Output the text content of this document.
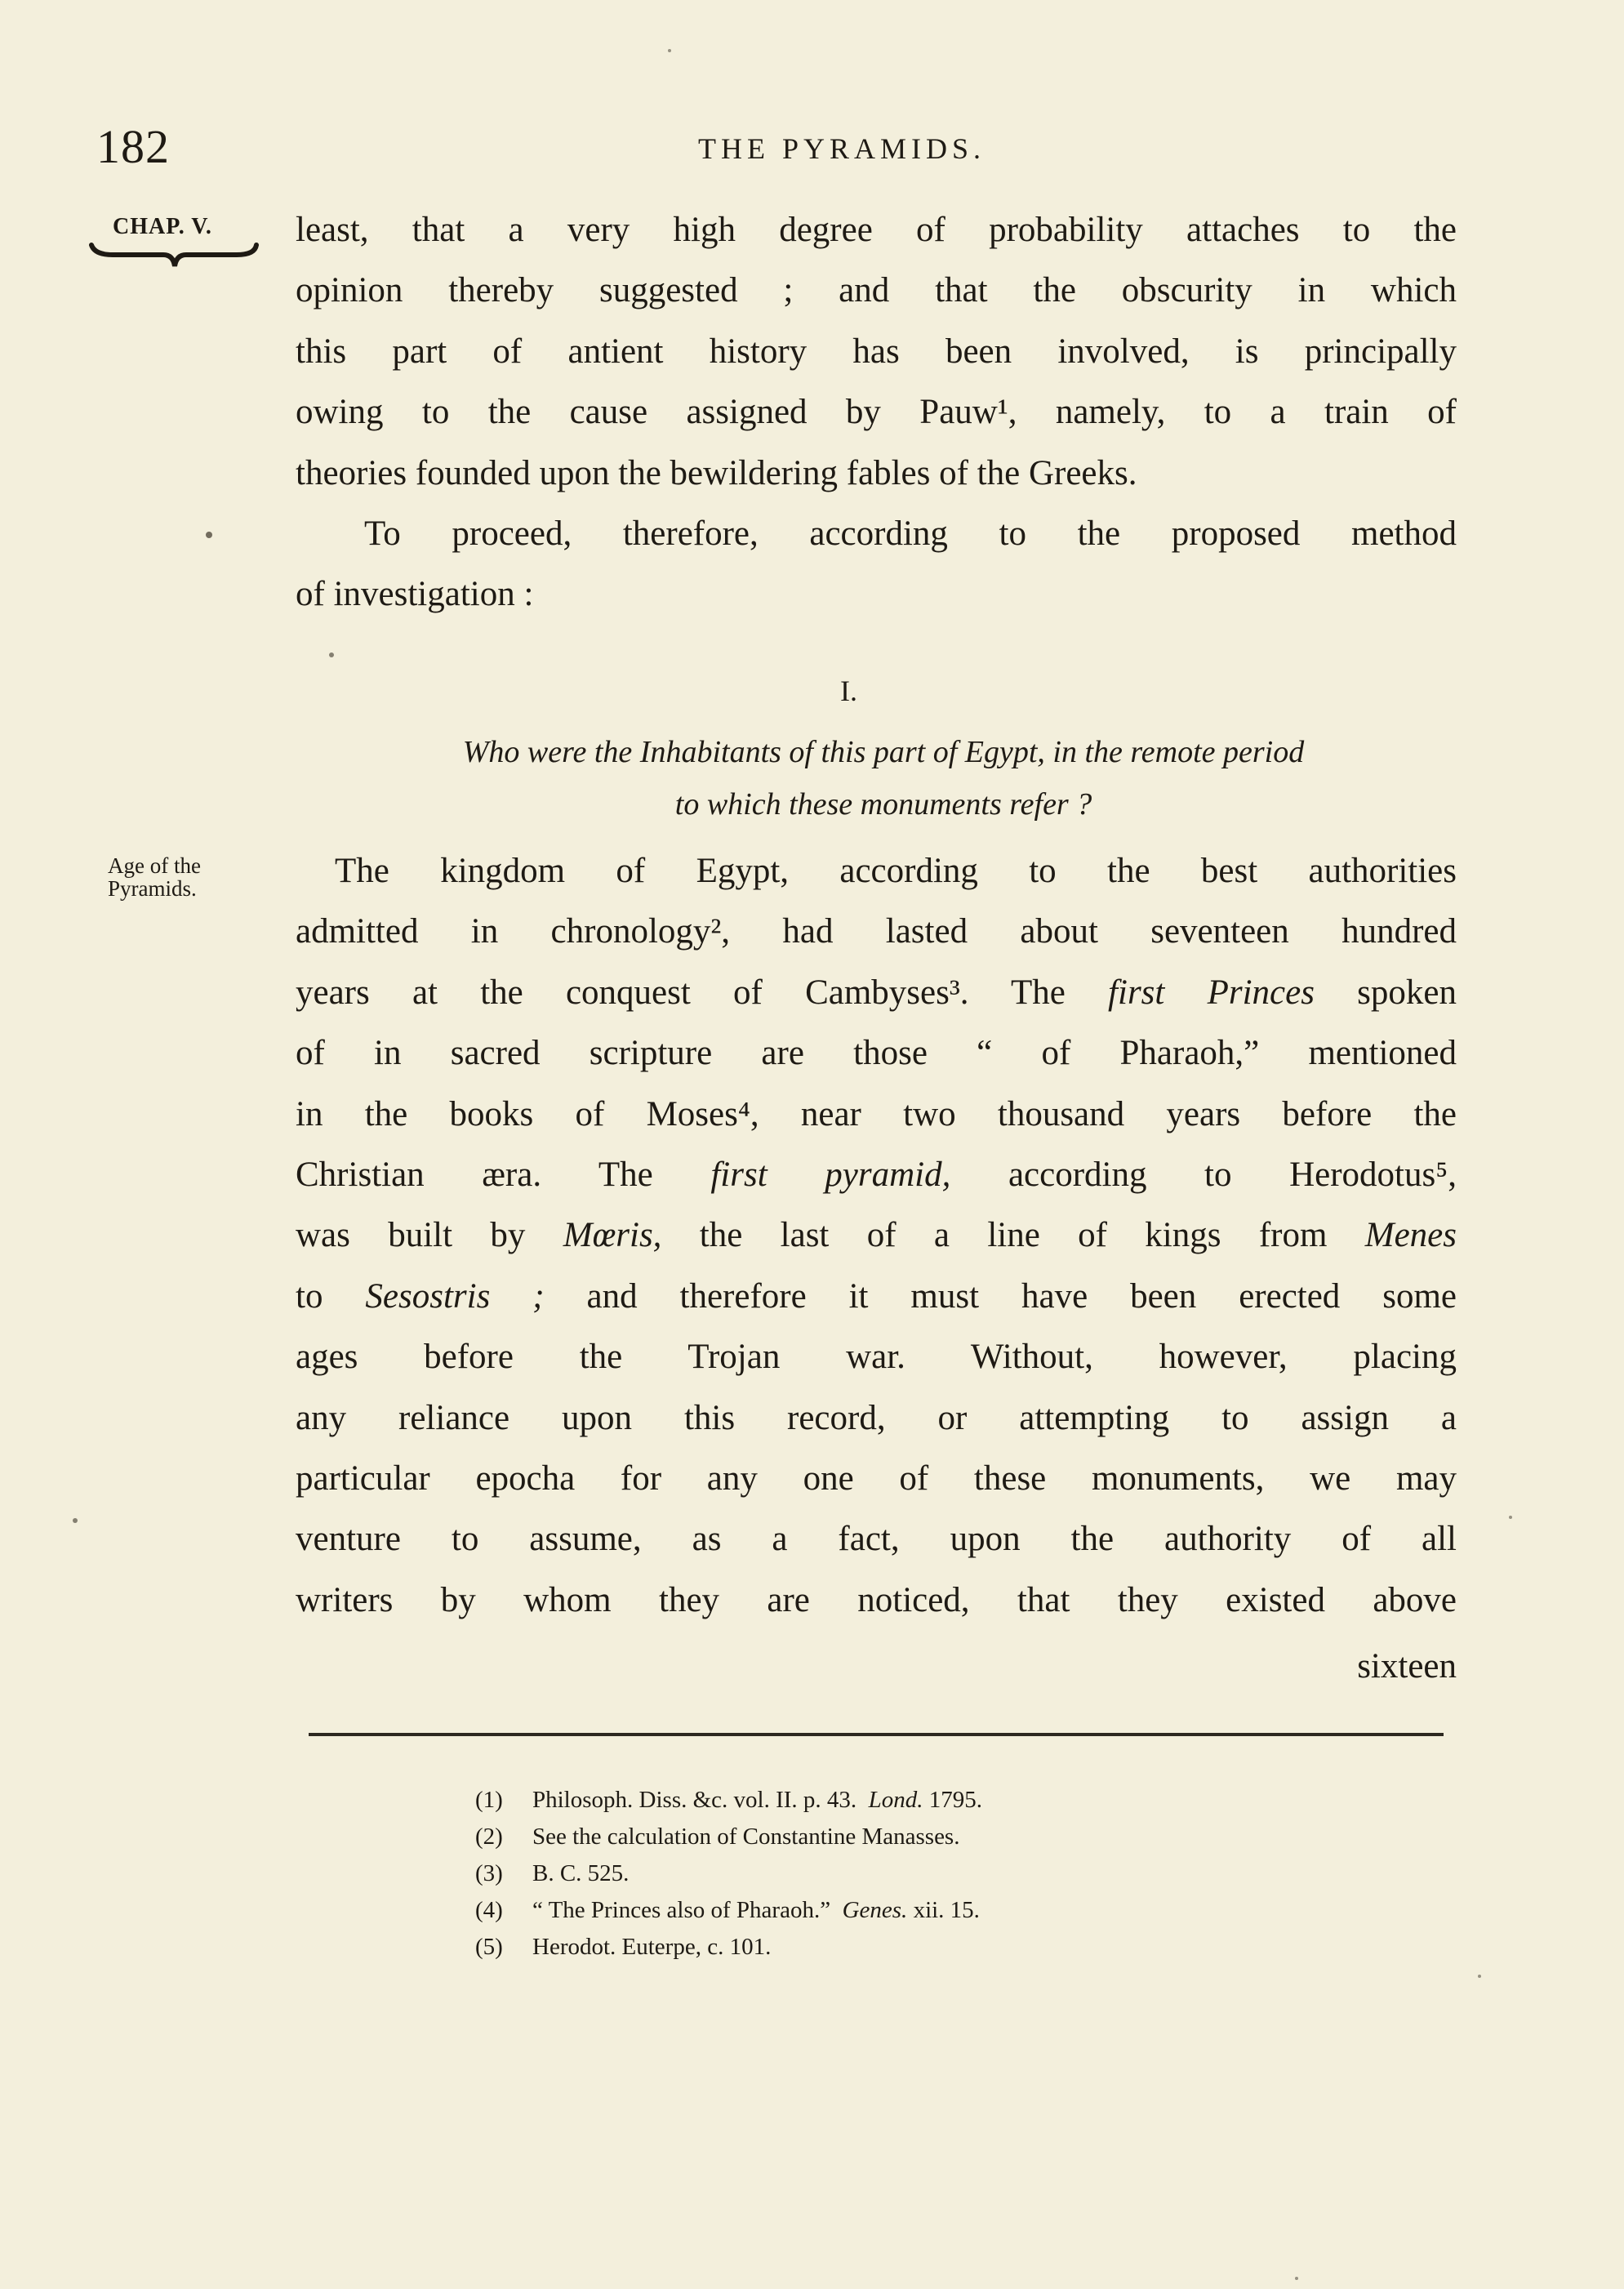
182	THE PYRAMIDS.
CHAP. V.
Age of the
Pyramids.
least, that a very high degree of probability attaches to the
opinion thereby suggested ; and that the obscurity in which
this part of antient history has been involved, is principally
owing to the cause assigned by Pauw¹, namely, to a train of
theories founded upon the bewildering fables of the Greeks.
To proceed, therefore, according to the proposed method
of investigation :
I.
Who were the Inhabitants of this part of Egypt, in the remote period
to which these monuments refer ?
The kingdom of Egypt, according to the best authorities
admitted in chronology², had lasted about seventeen hundred
years at the conquest of Cambyses³. The first Princes spoken
of in sacred scripture are those “ of Pharaoh,” mentioned
in the books of Moses⁴, near two thousand years before the
Christian æra. The first pyramid, according to Herodotus⁵,
was built by Mœris, the last of a line of kings from Menes
to Sesostris ; and therefore it must have been erected some
ages before the Trojan war. Without, however, placing
any reliance upon this record, or attempting to assign a
particular epocha for any one of these monuments, we may
venture to assume, as a fact, upon the authority of all
writers by whom they are noticed, that they existed above
sixteen
(1) Philosoph. Diss. &c. vol. II. p. 43. Lond. 1795.
(2) See the calculation of Constantine Manasses.
(3) B. C. 525.
(4) “ The Princes also of Pharaoh.” Genes. xii. 15.
(5) Herodot. Euterpe, c. 101.
